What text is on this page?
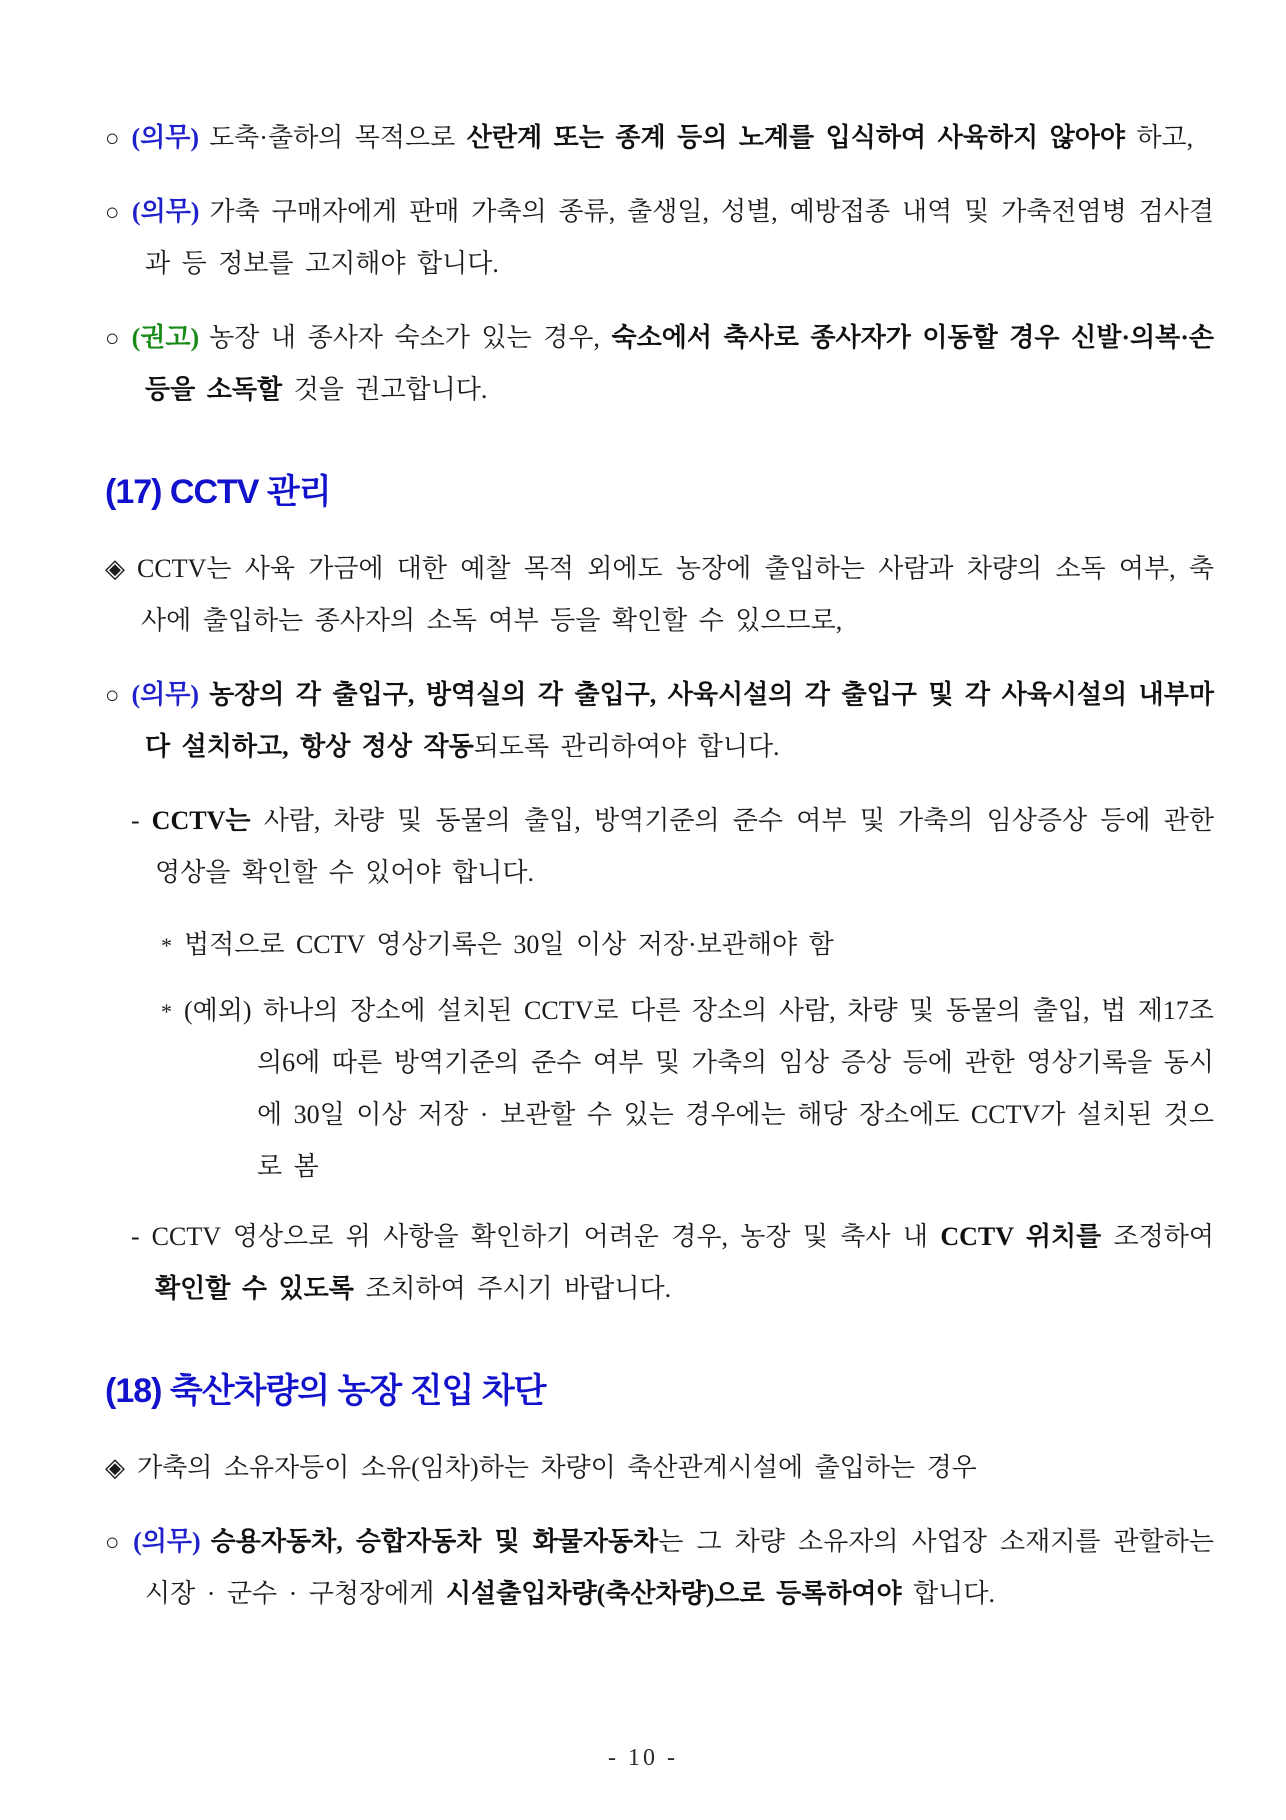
○ (의무) 도축·출하의 목적으로 산란계 또는 종계 등의 노계를 입식하여 사육하지 않아야 하고,

○ (의무) 가축 구매자에게 판매 가축의 종류, 출생일, 성별, 예방접종 내역 및 가축전염병 검사결과 등 정보를 고지해야 합니다.

○ (권고) 농장 내 종사자 숙소가 있는 경우, 숙소에서 축사로 종사자가 이동할 경우 신발·의복·손 등을 소독할 것을 권고합니다.

(17) CCTV 관리

◈ CCTV는 사육 가금에 대한 예찰 목적 외에도 농장에 출입하는 사람과 차량의 소독 여부, 축사에 출입하는 종사자의 소독 여부 등을 확인할 수 있으므로,

○ (의무) 농장의 각 출입구, 방역실의 각 출입구, 사육시설의 각 출입구 및 각 사육시설의 내부마다 설치하고, 항상 정상 작동되도록 관리하여야 합니다.

- CCTV는 사람, 차량 및 동물의 출입, 방역기준의 준수 여부 및 가축의 임상증상 등에 관한 영상을 확인할 수 있어야 합니다.

* 법적으로 CCTV 영상기록은 30일 이상 저장·보관해야 함

* (예외) 하나의 장소에 설치된 CCTV로 다른 장소의 사람, 차량 및 동물의 출입, 법 제17조의6에 따른 방역기준의 준수 여부 및 가축의 임상 증상 등에 관한 영상기록을 동시에 30일 이상 저장 · 보관할 수 있는 경우에는 해당 장소에도 CCTV가 설치된 것으로 봄

- CCTV 영상으로 위 사항을 확인하기 어려운 경우, 농장 및 축사 내 CCTV 위치를 조정하여 확인할 수 있도록 조치하여 주시기 바랍니다.

(18) 축산차량의 농장 진입 차단

◈ 가축의 소유자등이 소유(임차)하는 차량이 축산관계시설에 출입하는 경우

○ (의무) 승용자동차, 승합자동차 및 화물자동차는 그 차량 소유자의 사업장 소재지를 관할하는 시장 · 군수 · 구청장에게 시설출입차량(축산차량)으로 등록하여야 합니다.

- 10 -
